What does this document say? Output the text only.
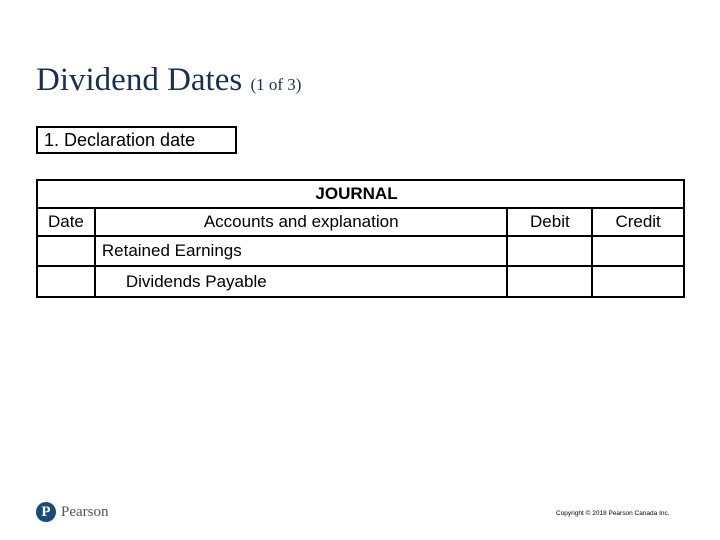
Dividend Dates (1 of 3)
1. Declaration date
JOURNAL			
Date	Accounts and explanation	Debit	Credit
	Retained Earnings		
	Dividends Payable		
P Pearson	Copyright © 2018 Pearson Canada Inc.
